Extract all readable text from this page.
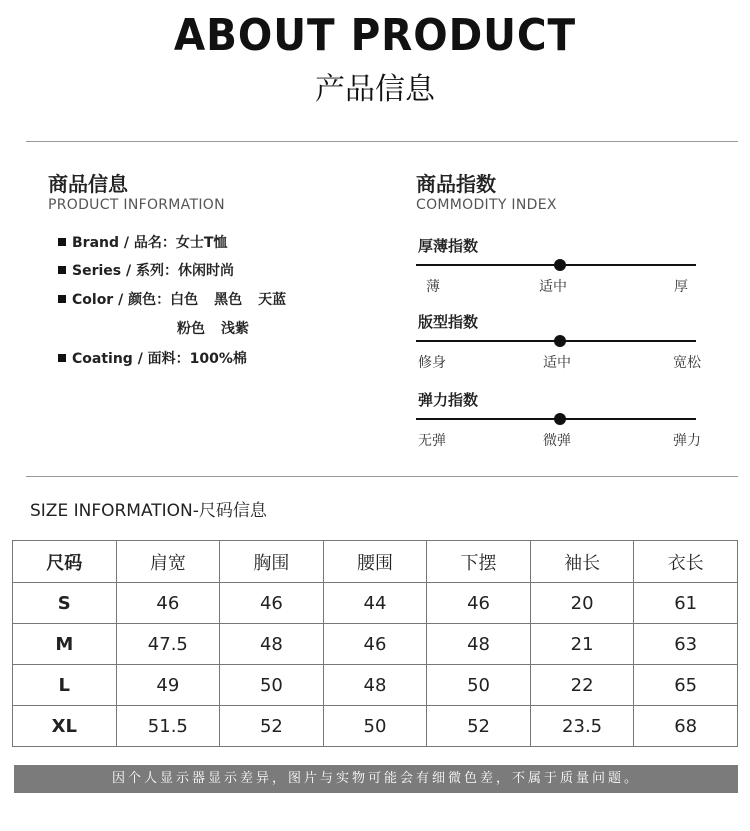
ABOUT PRODUCT
产品信息
商品信息
PRODUCT INFORMATION
Brand / 品名：女士T恤
Series / 系列：休闲时尚
Color / 颜色：白色 黑色 天蓝
粉色 浅紫
Coating / 面料：100%棉
商品指数
COMMODITY INDEX
厚薄指数
薄	适中	厚
版型指数
修身	适中	宽松
弹力指数
无弹	微弹	弹力
SIZE INFORMATION-尺码信息
尺码	肩宽	胸围	腰围	下摆	袖长	衣长
S	46	46	44	46	20	61
M	47.5	48	46	48	21	63
L	49	50	48	50	22	65
XL	51.5	52	50	52	23.5	68
因个人显示器显示差异，图片与实物可能会有细微色差，不属于质量问题。
